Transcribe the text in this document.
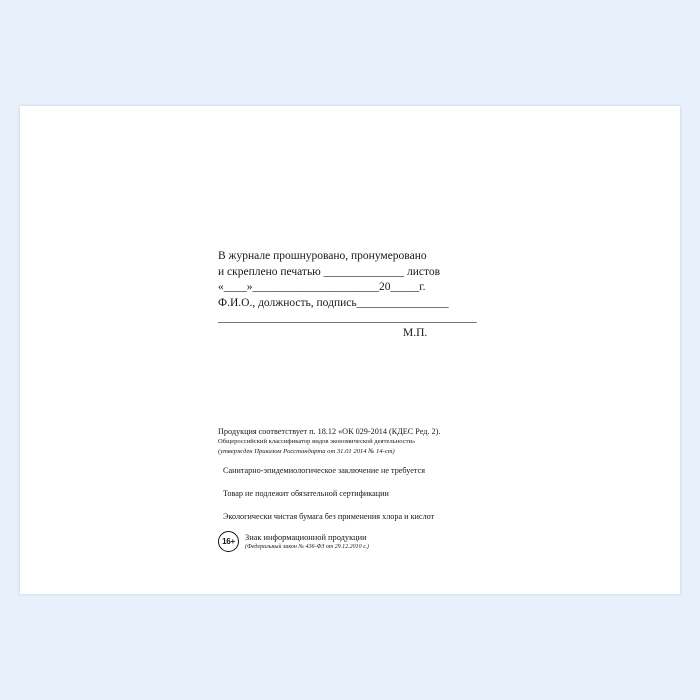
В журнале прошнуровано, пронумеровано
и скреплено печатью ______________ листов
«____»______________________20_____г.
Ф.И.О., должность, подпись________________
_____________________________________________
М.П.
Продукция соответствует п. 18.12 «ОК 029-2014 (КДЕС Ред. 2).
Общероссийский классификатор видов экономической деятельности»
(утвержден Приказом Росстандарта от 31.01 2014 № 14-ст)
Санитарно-эпидемиологическое заключение не требуется
Товар не подлежит обязательной сертификации
Экологически чистая бумага без применения хлора и кислот
16+	Знак информационной продукции
(Федеральный закон № 436-ФЗ от 29.12.2010 г.)
